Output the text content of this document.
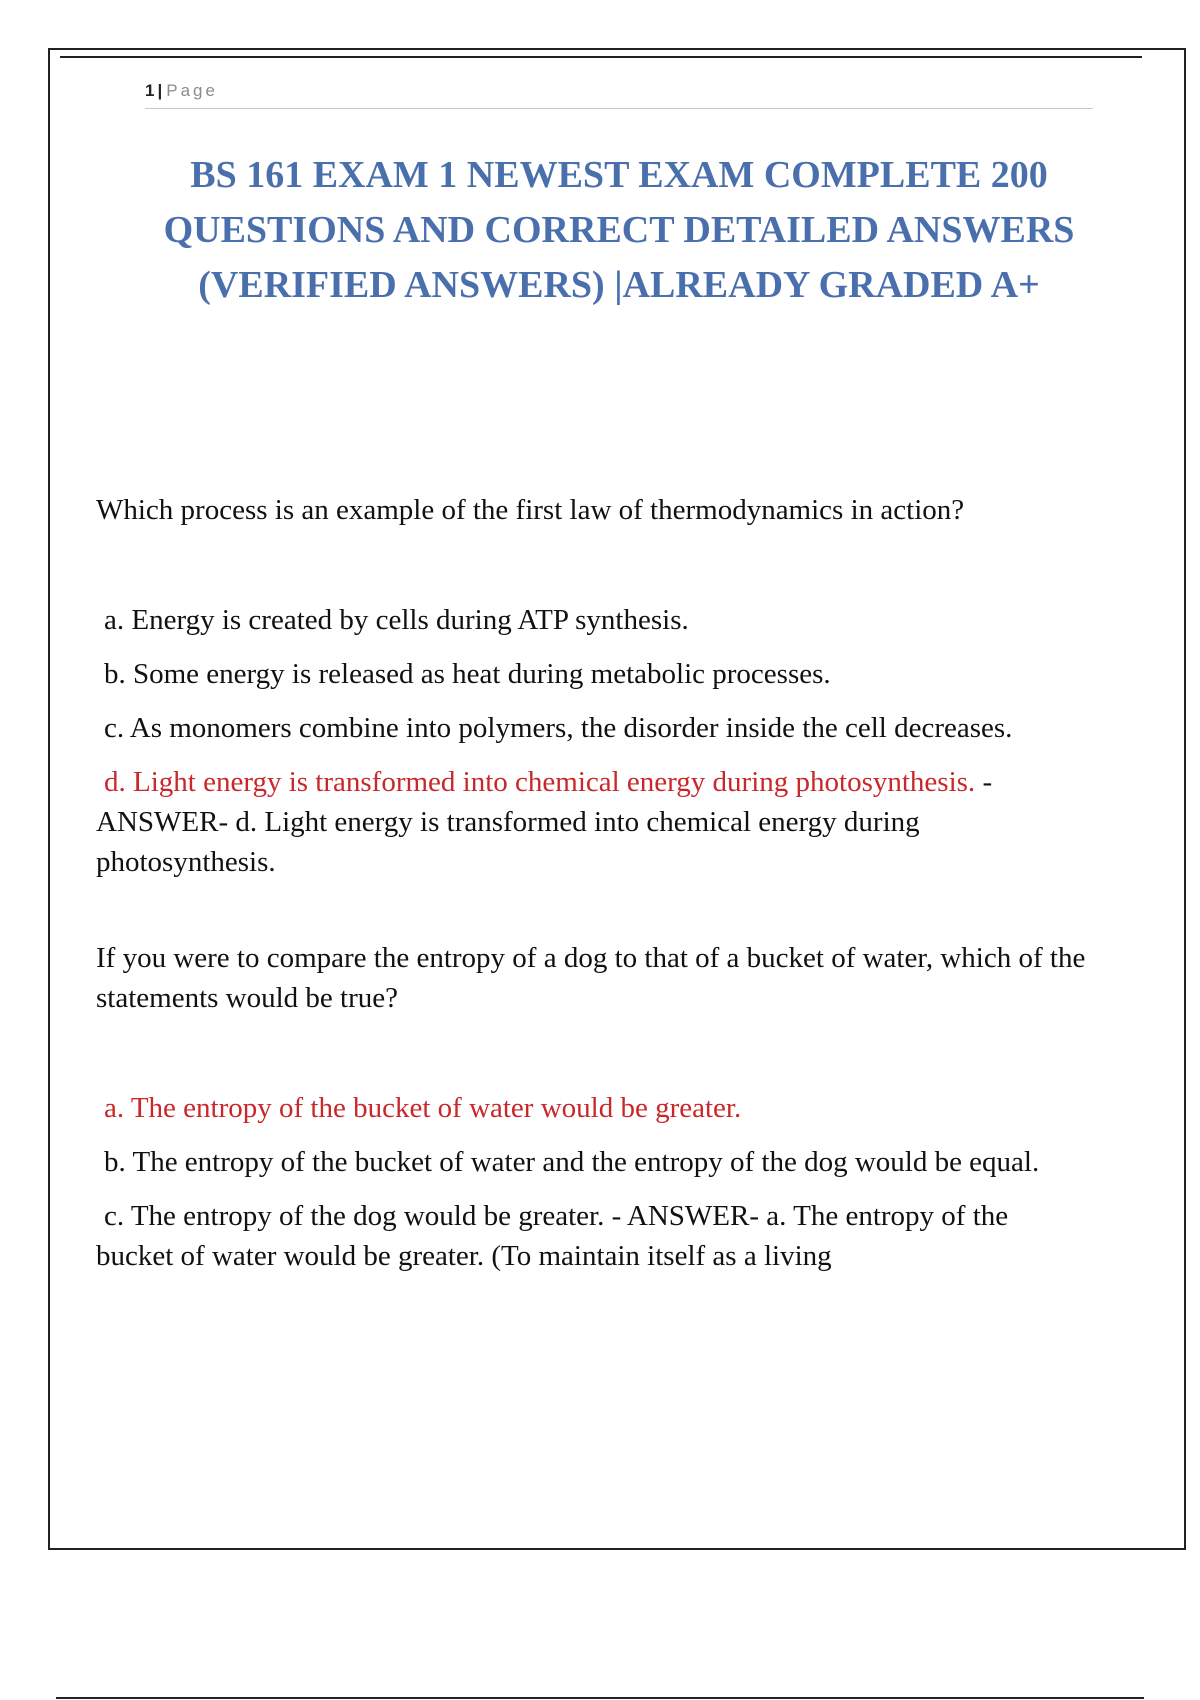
1 | Page
BS 161 EXAM 1 NEWEST EXAM COMPLETE 200 QUESTIONS AND CORRECT DETAILED ANSWERS (VERIFIED ANSWERS) |ALREADY GRADED A+

Which process is an example of the first law of thermodynamics in action?

a. Energy is created by cells during ATP synthesis.

b. Some energy is released as heat during metabolic processes.

c. As monomers combine into polymers, the disorder inside the cell decreases.

d. Light energy is transformed into chemical energy during photosynthesis. - ANSWER- d. Light energy is transformed into chemical energy during photosynthesis.

If you were to compare the entropy of a dog to that of a bucket of water, which of the statements would be true?

a. The entropy of the bucket of water would be greater.

b. The entropy of the bucket of water and the entropy of the dog would be equal.

c. The entropy of the dog would be greater. - ANSWER- a. The entropy of the bucket of water would be greater. (To maintain itself as a living
